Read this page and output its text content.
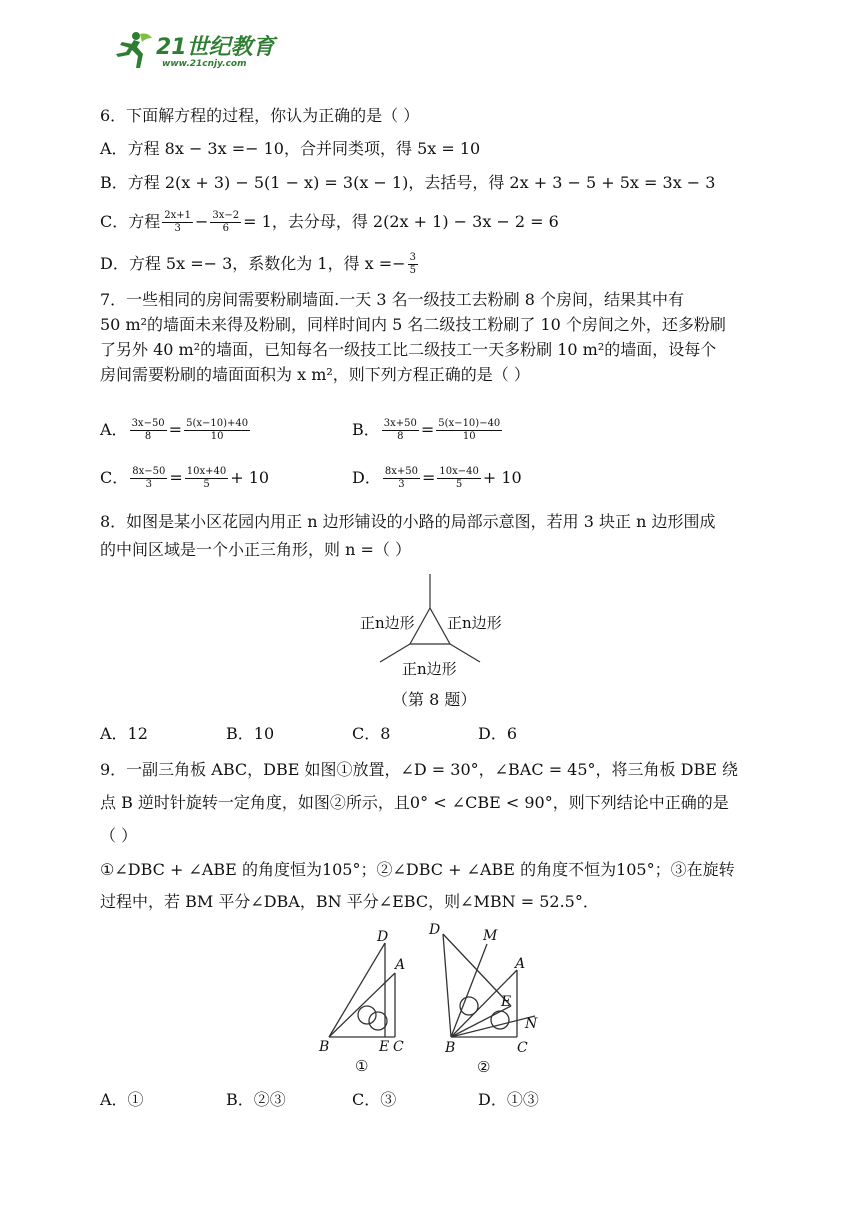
21世纪教育
www.21cnjy.com
6．下面解方程的过程，你认为正确的是（ ）
A．方程 8x − 3x =− 10，合并同类项，得 5x = 10
B．方程 2(x + 3) − 5(1 − x) = 3(x − 1)，去括号，得 2x + 3 − 5 + 5x = 3x − 3
C．方程 $\frac{2x+1}{3} - \frac{3x-2}{6} = 1$，去分母，得 2(2x + 1) − 3x − 2 = 6
D．方程 5x =− 3，系数化为 1，得 $x =- \frac{3}{5}$
7．一些相同的房间需要粉刷墙面.一天 3 名一级技工去粉刷 8 个房间，结果其中有
50 m²的墙面未来得及粉刷，同样时间内 5 名二级技工粉刷了 10 个房间之外，还多粉刷
了另外 40 m²的墙面，已知每名一级技工比二级技工一天多粉刷 10 m²的墙面，设每个
房间需要粉刷的墙面面积为 x m²，则下列方程正确的是（ ）
A． $\frac{3x-50}{8} = \frac{5(x-10)+40}{10}$	B． $\frac{3x+50}{8} = \frac{5(x-10)-40}{10}$
C． $\frac{8x-50}{3} = \frac{10x+40}{5} + 10$	D． $\frac{8x+50}{3} = \frac{10x-40}{5} + 10$
8．如图是某小区花园内用正 n 边形铺设的小路的局部示意图，若用 3 块正 n 边形围成
的中间区域是一个小正三角形，则 n =（ ）
正n边形 正n边形
正n边形
（第 8 题）
A．12	B．10	C．8	D．6
9．一副三角板 ABC，DBE 如图①放置，∠D = 30°，∠BAC = 45°，将三角板 DBE 绕
点 B 逆时针旋转一定角度，如图②所示，且0° < ∠CBE < 90°，则下列结论中正确的是
（ ）
①∠DBC + ∠ABE 的角度恒为105°；②∠DBC + ∠ABE 的角度不恒为105°；③在旋转
过程中，若 BM 平分∠DBA，BN 平分∠EBC，则∠MBN = 52.5°．
D
A
B	E C
①
D	M
A
E
N
B	C
②
A．①	B．②③	C．③	D．①③
